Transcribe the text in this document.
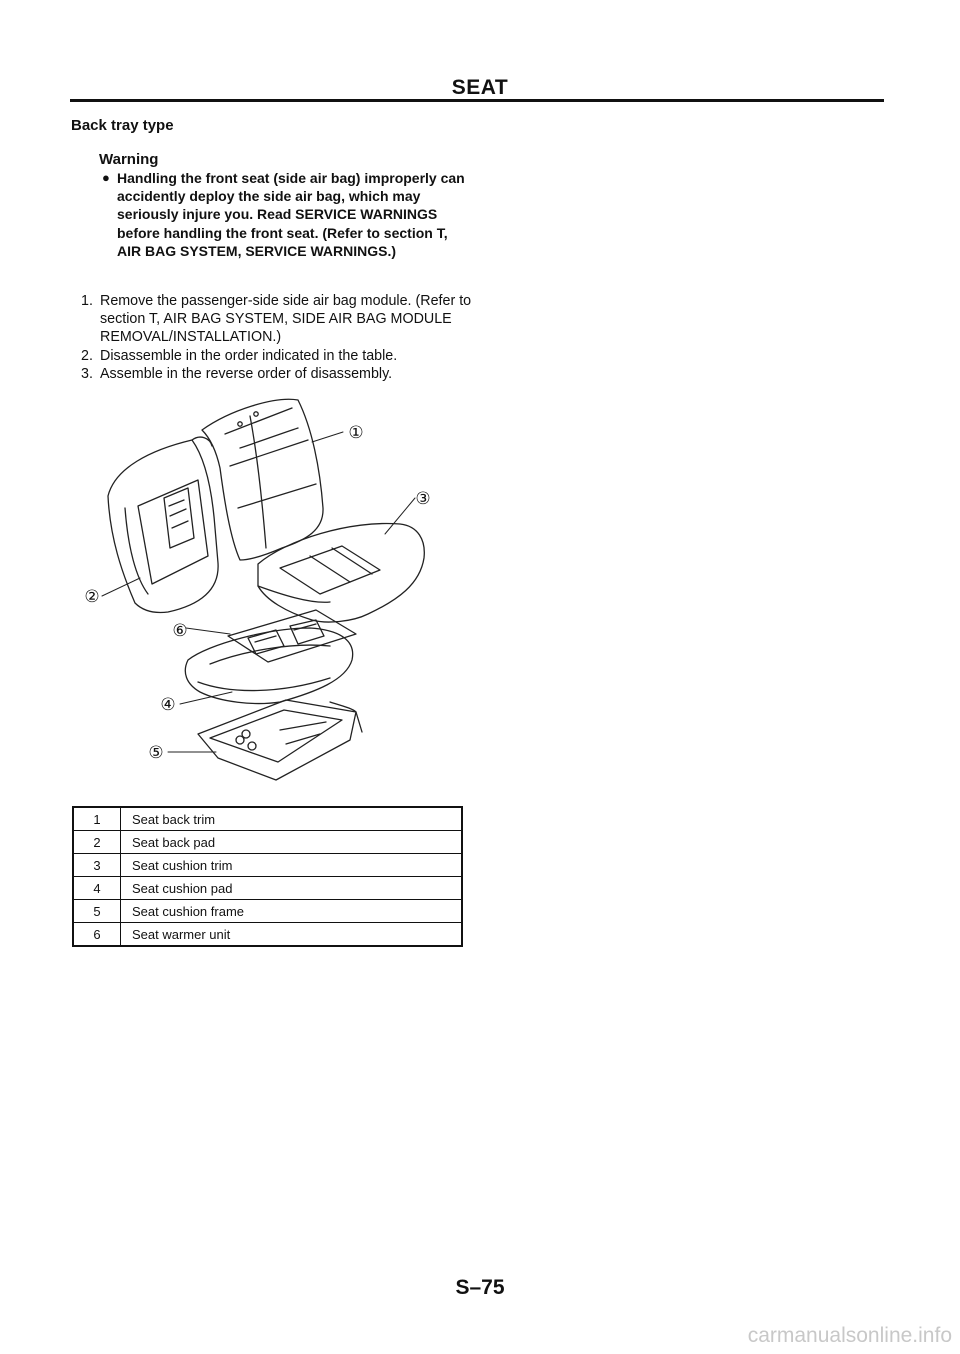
SEAT
Back tray type
Warning
● Handling the front seat (side air bag) improperly can accidently deploy the side air bag, which may seriously injure you. Read SERVICE WARNINGS before handling the front seat. (Refer to section T, AIR BAG SYSTEM, SERVICE WARNINGS.)
1. Remove the passenger-side side air bag module. (Refer to section T, AIR BAG SYSTEM, SIDE AIR BAG MODULE REMOVAL/INSTALLATION.)
2. Disassemble in the order indicated in the table.
3. Assemble in the reverse order of disassembly.
①
②
③
④
⑤
⑥
1	Seat back trim
2	Seat back pad
3	Seat cushion trim
4	Seat cushion pad
5	Seat cushion frame
6	Seat warmer unit
S–75
carmanualsonline.info
